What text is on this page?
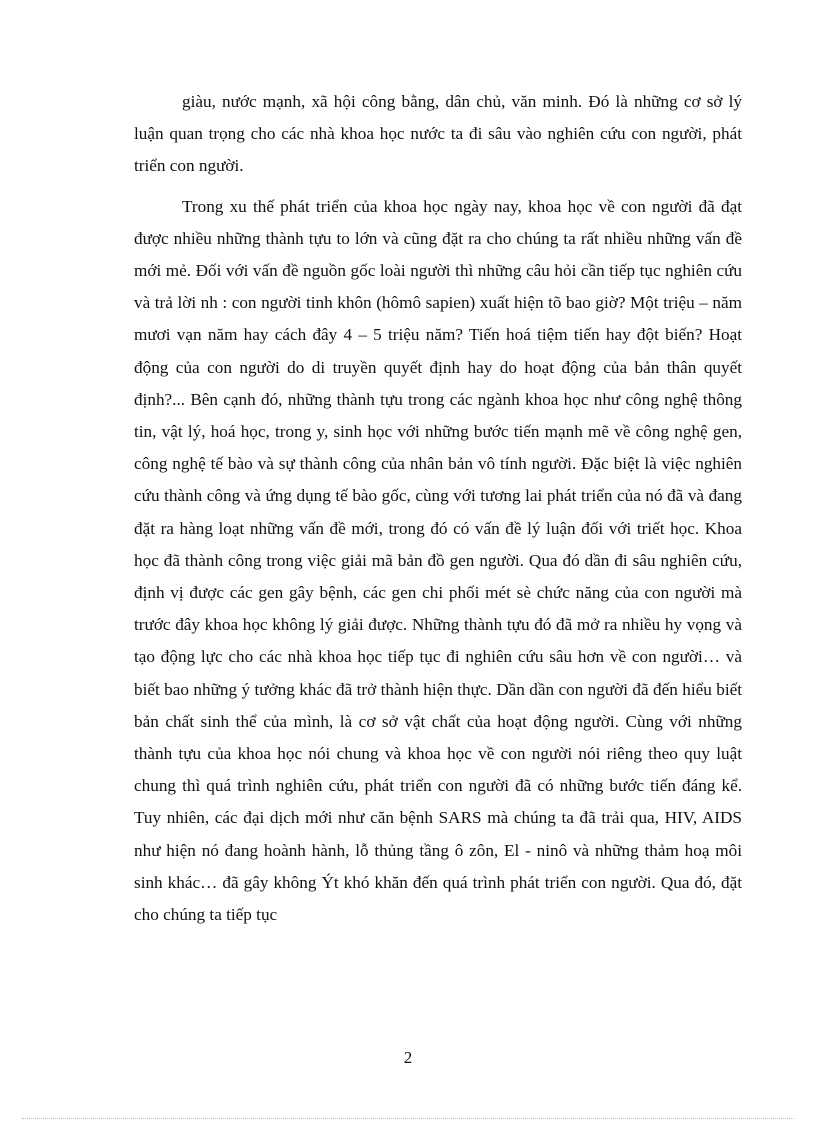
giàu, nước mạnh, xã hội công bằng, dân chủ, văn minh. Đó là những cơ sở lý luận quan trọng cho các nhà khoa học nước ta đi sâu vào nghiên cứu con người, phát triển con người.

Trong xu thế phát triển của khoa học ngày nay, khoa học về con người đã đạt được nhiều những thành tựu to lớn và cũng đặt ra cho chúng ta rất nhiều những vấn đề mới mẻ. Đối với vấn đề nguồn gốc loài người thì những câu hỏi cần tiếp tục nghiên cứu và trả lời nh : con người tinh khôn (hômô sapien) xuất hiện tõ bao giờ? Một triệu – năm mươi vạn năm hay cách đây 4 – 5 triệu năm? Tiến hoá tiệm tiến hay đột biến? Hoạt động của con người do di truyền quyết định hay do hoạt động của bản thân quyết định?... Bên cạnh đó, những thành tựu trong các ngành khoa học như công nghệ thông tin, vật lý, hoá học, trong y, sinh học với những bước tiến mạnh mẽ về công nghệ gen, công nghệ tế bào và sự thành công của nhân bản vô tính người. Đặc biệt là việc nghiên cứu thành công và ứng dụng tế bào gốc, cùng với tương lai phát triển của nó đã và đang đặt ra hàng loạt những vấn đề mới, trong đó có vấn đề lý luận đối với triết học. Khoa học đã thành công trong việc giải mã bản đồ gen người. Qua đó dần đi sâu nghiên cứu, định vị được các gen gây bệnh, các gen chi phối mét sè chức năng của con người mà trước đây khoa học không lý giải được. Những thành tựu đó đã mở ra nhiều hy vọng và tạo động lực cho các nhà khoa học tiếp tục đi nghiên cứu sâu hơn về con người… và biết bao những ý tưởng khác đã trở thành hiện thực. Dần dần con người đã đến hiểu biết bản chất sinh thể của mình, là cơ sở vật chất của hoạt động người. Cùng với những thành tựu của khoa học nói chung và khoa học về con người nói riêng theo quy luật chung thì quá trình nghiên cứu, phát triển con người đã có những bước tiến đáng kể. Tuy nhiên, các đại dịch mới như căn bệnh SARS mà chúng ta đã trải qua, HIV, AIDS như hiện nó đang hoành hành, lỗ thủng tầng ô zôn, El - ninô và những thảm hoạ môi sinh khác… đã gây không Ýt khó khăn đến quá trình phát triển con người. Qua đó, đặt cho chúng ta tiếp tục

2
